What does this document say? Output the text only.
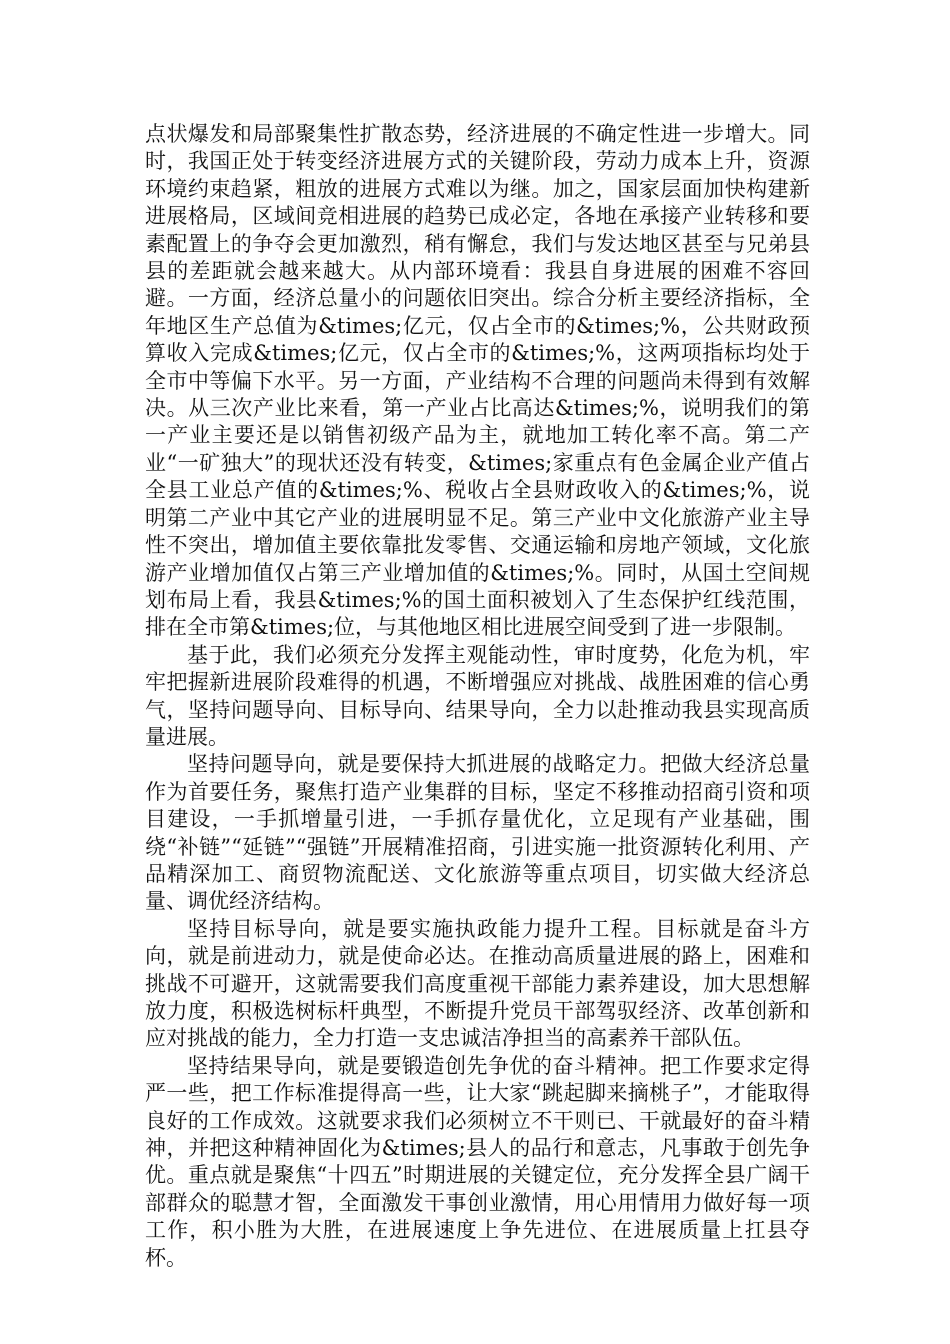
点状爆发和局部聚集性扩散态势，经济进展的不确定性进一步增大。同时，我国正处于转变经济进展方式的关键阶段，劳动力成本上升，资源环境约束趋紧，粗放的进展方式难以为继。加之，国家层面加快构建新进展格局，区域间竞相进展的趋势已成必定，各地在承接产业转移和要素配置上的争夺会更加激烈，稍有懈怠，我们与发达地区甚至与兄弟县县的差距就会越来越大。从内部环境看：我县自身进展的困难不容回避。一方面，经济总量小的问题依旧突出。综合分析主要经济指标，全年地区生产总值为&times;亿元，仅占全市的&times;%，公共财政预算收入完成&times;亿元，仅占全市的&times;%，这两项指标均处于全市中等偏下水平。另一方面，产业结构不合理的问题尚未得到有效解决。从三次产业比来看，第一产业占比高达&times;%，说明我们的第一产业主要还是以销售初级产品为主，就地加工转化率不高。第二产业“一矿独大”的现状还没有转变，&times;家重点有色金属企业产值占全县工业总产值的&times;%、税收占全县财政收入的&times;%，说明第二产业中其它产业的进展明显不足。第三产业中文化旅游产业主导性不突出，增加值主要依靠批发零售、交通运输和房地产领域，文化旅游产业增加值仅占第三产业增加值的&times;%。同时，从国土空间规划布局上看，我县&times;%的国土面积被划入了生态保护红线范围，排在全市第&times;位，与其他地区相比进展空间受到了进一步限制。

基于此，我们必须充分发挥主观能动性，审时度势，化危为机，牢牢把握新进展阶段难得的机遇，不断增强应对挑战、战胜困难的信心勇气，坚持问题导向、目标导向、结果导向，全力以赴推动我县实现高质量进展。

坚持问题导向，就是要保持大抓进展的战略定力。把做大经济总量作为首要任务，聚焦打造产业集群的目标，坚定不移推动招商引资和项目建设，一手抓增量引进，一手抓存量优化，立足现有产业基础，围绕“补链”“延链”“强链”开展精准招商，引进实施一批资源转化利用、产品精深加工、商贸物流配送、文化旅游等重点项目，切实做大经济总量、调优经济结构。

坚持目标导向，就是要实施执政能力提升工程。目标就是奋斗方向，就是前进动力，就是使命必达。在推动高质量进展的路上，困难和挑战不可避开，这就需要我们高度重视干部能力素养建设，加大思想解放力度，积极选树标杆典型，不断提升党员干部驾驭经济、改革创新和应对挑战的能力，全力打造一支忠诚洁净担当的高素养干部队伍。

坚持结果导向，就是要锻造创先争优的奋斗精神。把工作要求定得严一些，把工作标准提得高一些，让大家“跳起脚来摘桃子”，才能取得良好的工作成效。这就要求我们必须树立不干则已、干就最好的奋斗精神，并把这种精神固化为&times;县人的品行和意志，凡事敢于创先争优。重点就是聚焦“十四五”时期进展的关键定位，充分发挥全县广阔干部群众的聪慧才智，全面激发干事创业激情，用心用情用力做好每一项工作，积小胜为大胜，在进展速度上争先进位、在进展质量上扛县夺杯。
